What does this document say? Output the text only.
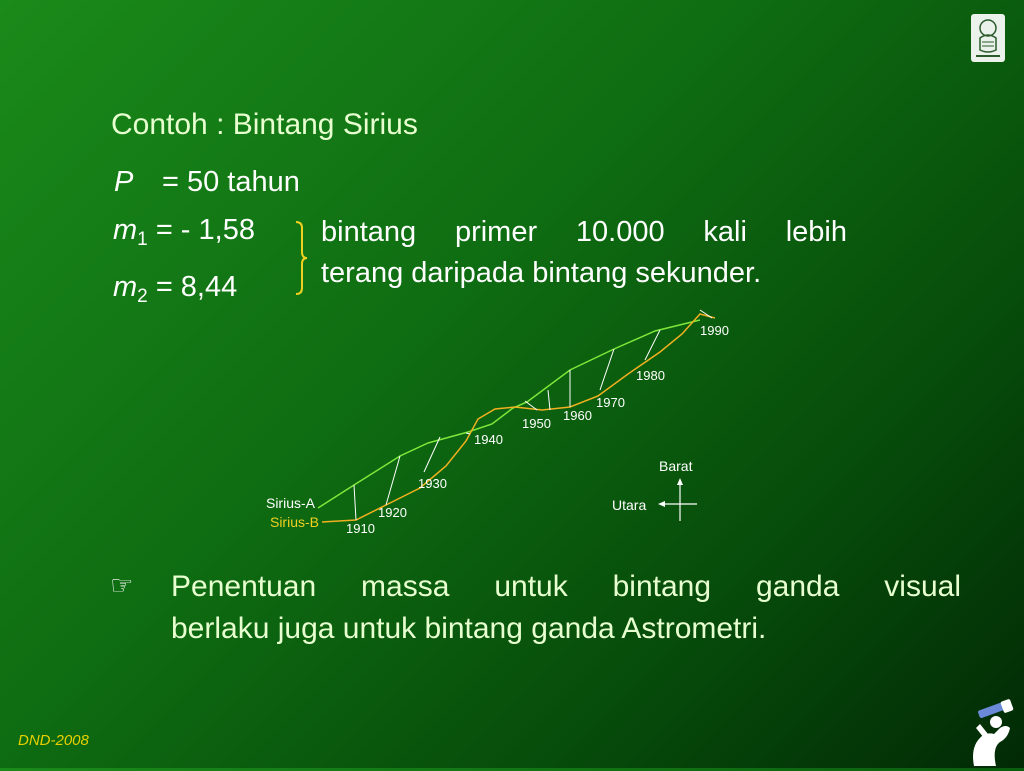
Contoh : Bintang Sirius
P = 50 tahun
$m_1$ = - 1,58
$m_2 = 8,44$
bintang primer 10.000 kali lebih
terang daripada bintang sekunder.
Sirius-A
Sirius-B 1910
1920
1930
1940
1950
1960
1970
1980
1990
Barat
Utara
☞ Penentuan massa untuk bintang ganda visual
berlaku juga untuk bintang ganda Astrometri.
DND-2008
